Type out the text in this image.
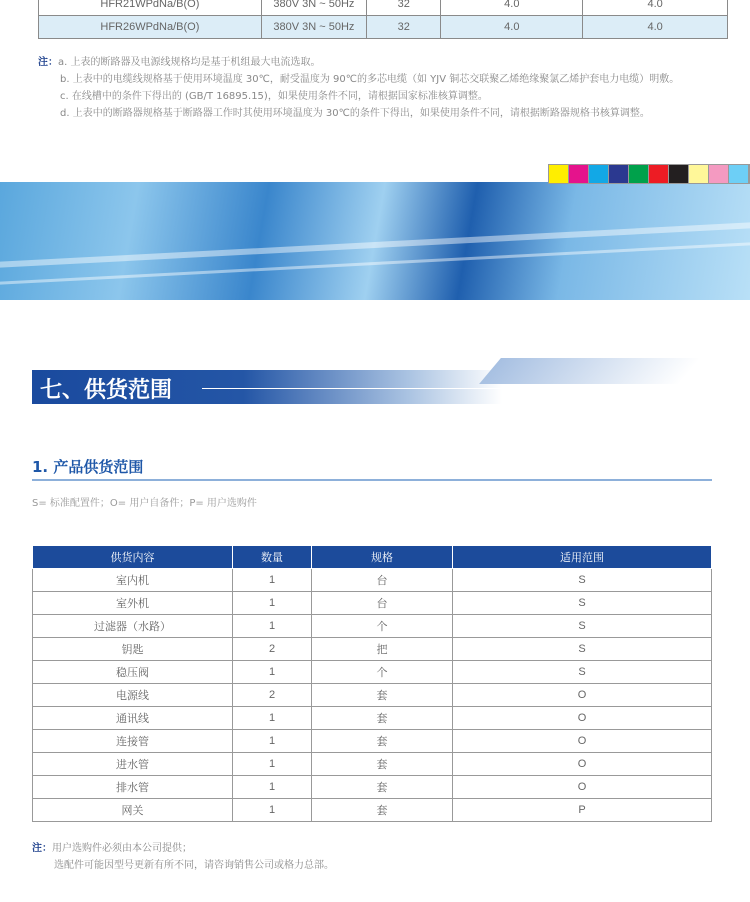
HFR21WPdNa/B(O)	380V 3N ~ 50Hz	32	4.0	4.0
HFR26WPdNa/B(O)	380V 3N ~ 50Hz	32	4.0	4.0
注：a. 上表的断路器及电源线规格均是基于机组最大电流选取。
b. 上表中的电缆线规格基于使用环境温度 30℃，耐受温度为 90℃的多芯电缆（如 YJV 铜芯交联聚乙烯绝缘聚氯乙烯护套电力电缆）明敷。
c. 在线槽中的条件下得出的 (GB/T 16895.15)，如果使用条件不同，请根据国家标准核算调整。
d. 上表中的断路器规格基于断路器工作时其使用环境温度为 30℃的条件下得出，如果使用条件不同，请根据断路器规格书核算调整。
七、供货范围
1. 产品供货范围
S= 标准配置件；O= 用户自备件；P= 用户选购件
供货内容	数量	规格	适用范围
室内机	1	台	S
室外机	1	台	S
过滤器（水路）	1	个	S
钥匙	2	把	S
稳压阀	1	个	S
电源线	2	套	O
通讯线	1	套	O
连接管	1	套	O
进水管	1	套	O
排水管	1	套	O
网关	1	套	P
注：用户选购件必须由本公司提供；
选配件可能因型号更新有所不同，请咨询销售公司或格力总部。
